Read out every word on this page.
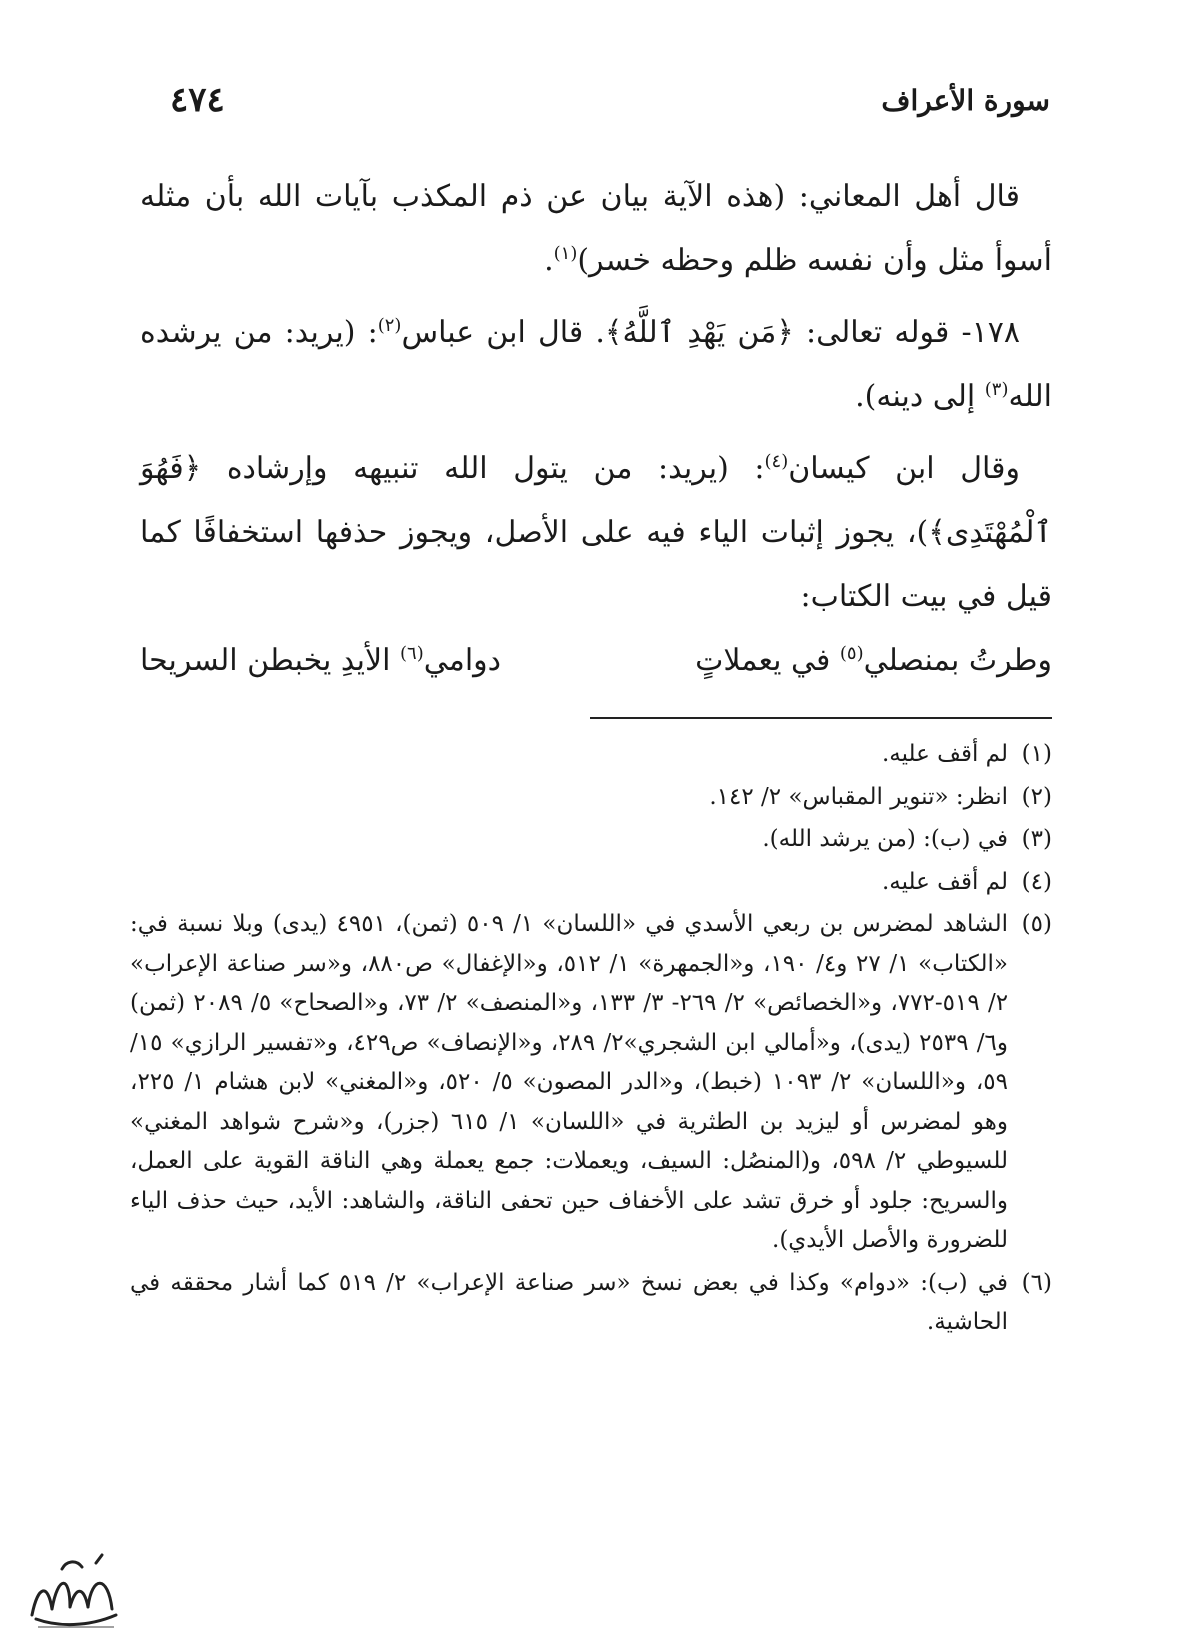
سورة الأعراف
٤٧٤

قال أهل المعاني: (هذه الآية بيان عن ذم المكذب بآيات الله بأن مثله أسوأ مثل وأن نفسه ظلم وحظه خسر)$^{(١)}$.

١٧٨- قوله تعالى: ﴿مَن يَهْدِ ٱللَّهُ﴾. قال ابن عباس$^{(٢)}$: (يريد: من يرشده الله$^{(٣)}$ إلى دينه).

وقال ابن كيسان$^{(٤)}$: (يريد: من يتول الله تنبيهه وإرشاده ﴿فَهُوَ ٱلْمُهْتَدِى﴾)، يجوز إثبات الياء فيه على الأصل، ويجوز حذفها استخفافًا كما قيل في بيت الكتاب:

وطرتُ بمنصلي$^{(٥)}$ في يعملاتٍ
دوامي$^{(٦)}$ الأيدِ يخبطن السريحا
(١)
لم أقف عليه.
(٢)
انظر: «تنوير المقباس» ٢/ ١٤٢.
(٣)
في (ب): (من يرشد الله).
(٤)
لم أقف عليه.
(٥)
الشاهد لمضرس بن ربعي الأسدي في «اللسان» ١/ ٥٠٩ (ثمن)، ٤٩٥١ (يدى) وبلا نسبة في: «الكتاب» ١/ ٢٧ و٤/ ١٩٠، و«الجمهرة» ١/ ٥١٢، و«الإغفال» ص٨٨٠، و«سر صناعة الإعراب» ٢/ ٥١٩-٧٧٢، و«الخصائص» ٢/ ٢٦٩- ٣/ ١٣٣، و«المنصف» ٢/ ٧٣، و«الصحاح» ٥/ ٢٠٨٩ (ثمن) و٦/ ٢٥٣٩ (يدى)، و«أمالي ابن الشجري»٢/ ٢٨٩، و«الإنصاف» ص٤٢٩، و«تفسير الرازي» ١٥/ ٥٩، و«اللسان» ٢/ ١٠٩٣ (خبط)، و«الدر المصون» ٥/ ٥٢٠، و«المغني» لابن هشام ١/ ٢٢٥، وهو لمضرس أو ليزيد بن الطثرية في «اللسان» ١/ ٦١٥ (جزر)، و«شرح شواهد المغني» للسيوطي ٢/ ٥٩٨، و(المنصُل: السيف، ويعملات: جمع يعملة وهي الناقة القوية على العمل، والسريح: جلود أو خرق تشد على الأخفاف حين تحفى الناقة، والشاهد: الأيد، حيث حذف الياء للضرورة والأصل الأيدي).
(٦)
في (ب): «دوام» وكذا في بعض نسخ «سر صناعة الإعراب» ٢/ ٥١٩ كما أشار محققه في الحاشية.
